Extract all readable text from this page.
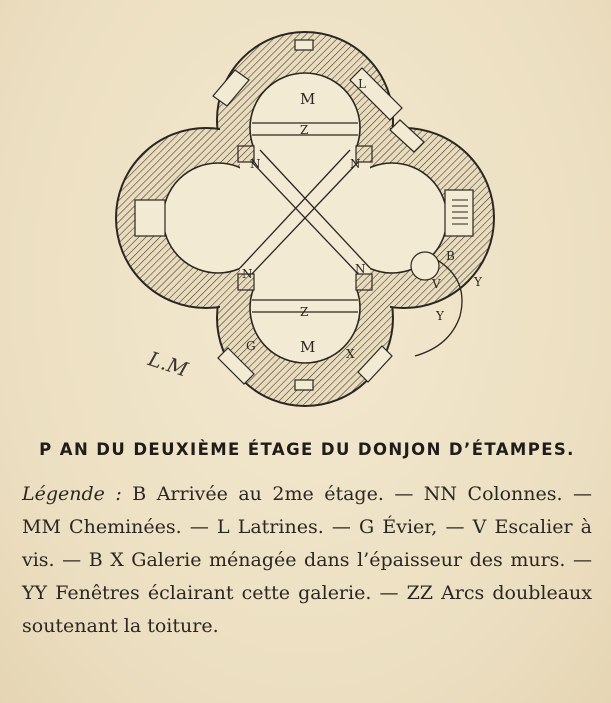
M
Z
Z
M
N	N
N	N
L
G
X
B
V	Y
Y
L.M
P AN DU DEUXIÈME ÉTAGE DU DONJON D’ÉTAMPES.
Légende : B Arrivée au 2me étage. — NN Colonnes. — MM Cheminées. — L Latrines. — G Évier, — V Escalier à vis. — B X Galerie ménagée dans l’épaisseur des murs. — YY Fenêtres éclairant cette galerie. — ZZ Arcs doubleaux soutenant la toiture.
